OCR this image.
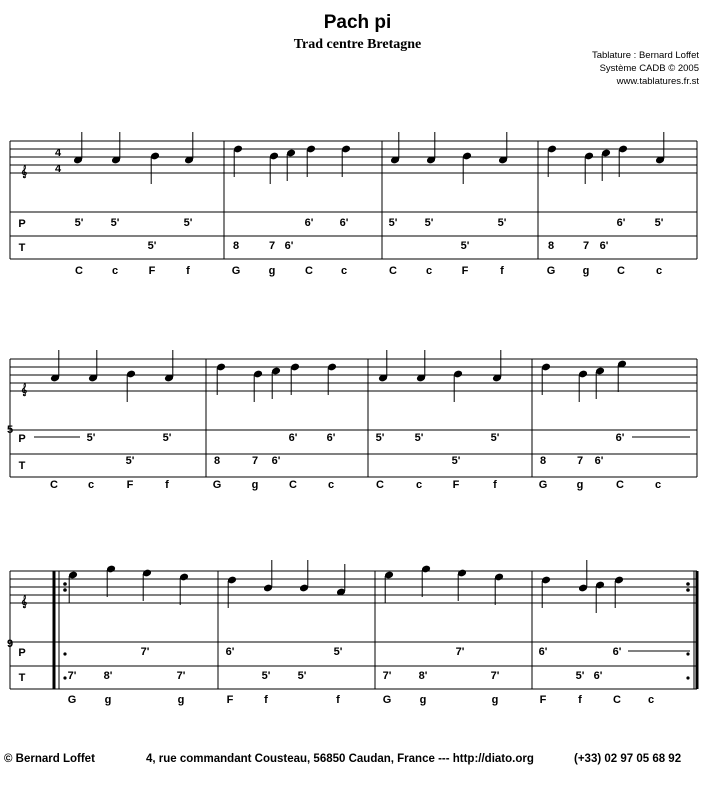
Pach pi
Trad centre Bretagne
Tablature : Bernard Loffet
Système CADB © 2005
www.tablatures.fr.st
𝄞
4
4
P
T
5' 5'	5'	6' 6'	5' 5'	5'	6'	5'
5'	8	7 6'	5'	8	7 6'
C	c	F	f	G	g	C	c	C	c	F	f	G g	C	c
𝄞
5
P
T
5'	5'	6'	6'	5'	5'	5'	6'
5'	8	7 6'	5'	8	7 6'
C	c	F	f	G	g	C	c	C	c	F	f	G	g	C	c
𝄞
9
P
T
7'	6'	5'	7'	6'	6'
7' 8'	7'	5' 5'	7' 8'	7'	5' 6'
G	g	g	F	f	f	G	g	g	F	f	C c
© Bernard Loffet	4, rue commandant Cousteau, 56850 Caudan, France --- http://diato.org	(+33) 02 97 05 68 92
